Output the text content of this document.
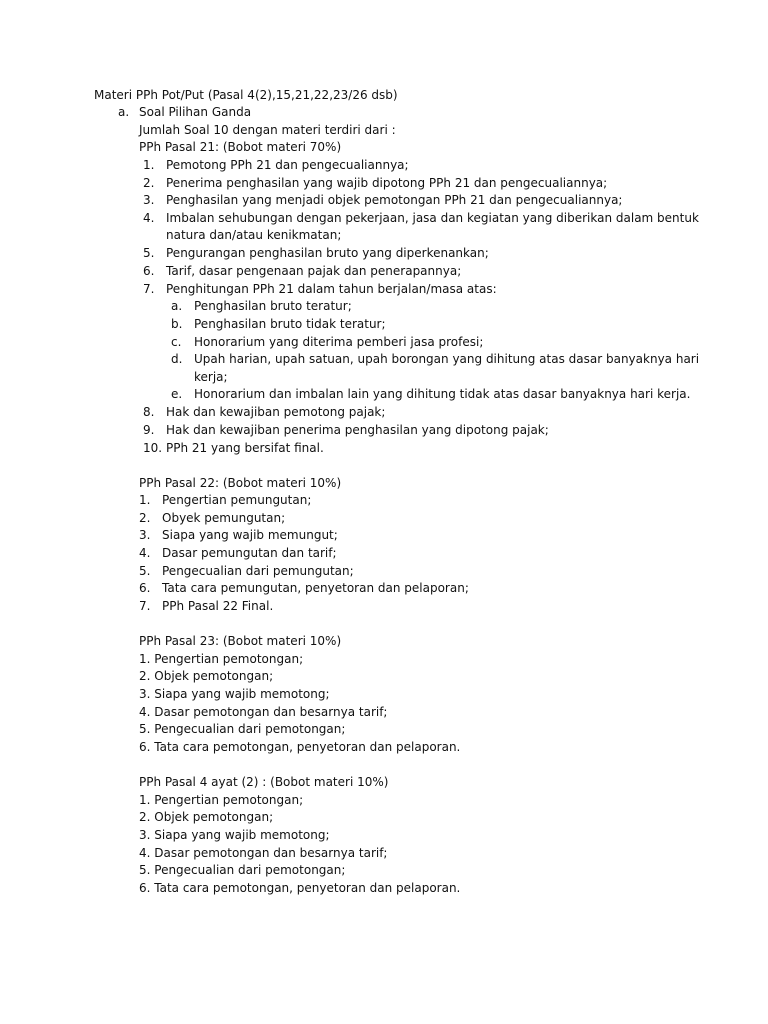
Materi PPh Pot/Put (Pasal 4(2),15,21,22,23/26 dsb)
a. Soal Pilihan Ganda
Jumlah Soal 10 dengan materi terdiri dari :
PPh Pasal 21: (Bobot materi 70%)
1. Pemotong PPh 21 dan pengecualiannya;
2. Penerima penghasilan yang wajib dipotong PPh 21 dan pengecualiannya;
3. Penghasilan yang menjadi objek pemotongan PPh 21 dan pengecualiannya;
4. Imbalan sehubungan dengan pekerjaan, jasa dan kegiatan yang diberikan dalam bentuk
natura dan/atau kenikmatan;
5. Pengurangan penghasilan bruto yang diperkenankan;
6. Tarif, dasar pengenaan pajak dan penerapannya;
7. Penghitungan PPh 21 dalam tahun berjalan/masa atas:
a. Penghasilan bruto teratur;
b. Penghasilan bruto tidak teratur;
c. Honorarium yang diterima pemberi jasa profesi;
d. Upah harian, upah satuan, upah borongan yang dihitung atas dasar banyaknya hari
kerja;
e. Honorarium dan imbalan lain yang dihitung tidak atas dasar banyaknya hari kerja.
8. Hak dan kewajiban pemotong pajak;
9. Hak dan kewajiban penerima penghasilan yang dipotong pajak;
10. PPh 21 yang bersifat final.
PPh Pasal 22: (Bobot materi 10%)
1. Pengertian pemungutan;
2. Obyek pemungutan;
3. Siapa yang wajib memungut;
4. Dasar pemungutan dan tarif;
5. Pengecualian dari pemungutan;
6. Tata cara pemungutan, penyetoran dan pelaporan;
7. PPh Pasal 22 Final.
PPh Pasal 23: (Bobot materi 10%)
1. Pengertian pemotongan;
2. Objek pemotongan;
3. Siapa yang wajib memotong;
4. Dasar pemotongan dan besarnya tarif;
5. Pengecualian dari pemotongan;
6. Tata cara pemotongan, penyetoran dan pelaporan.
PPh Pasal 4 ayat (2) : (Bobot materi 10%)
1. Pengertian pemotongan;
2. Objek pemotongan;
3. Siapa yang wajib memotong;
4. Dasar pemotongan dan besarnya tarif;
5. Pengecualian dari pemotongan;
6. Tata cara pemotongan, penyetoran dan pelaporan.
